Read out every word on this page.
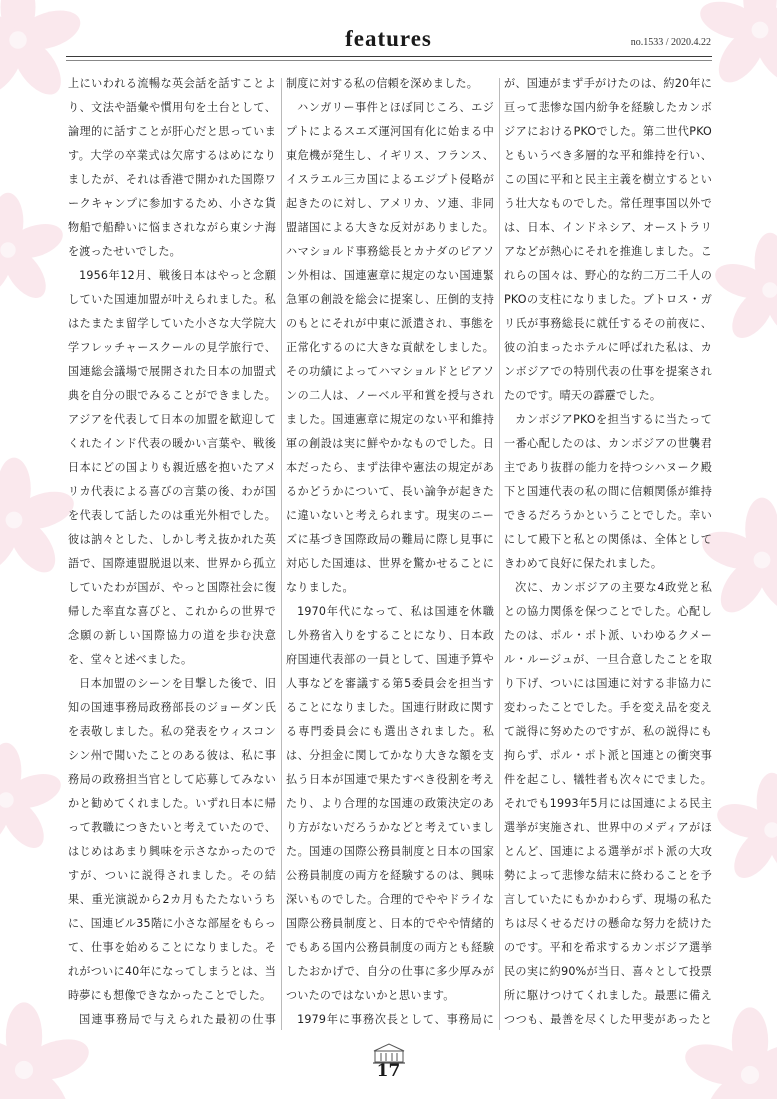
features	no.1533 / 2020.4.22

上にいわれる流暢な英会話を話すことより、文法や語彙や慣用句を土台として、論理的に話すことが肝心だと思っています。大学の卒業式は欠席するはめになりましたが、それは香港で開かれた国際ワークキャンプに参加するため、小さな貨物船で船酔いに悩まされながら東シナ海を渡ったせいでした。

1956年12月、戦後日本はやっと念願していた国連加盟が叶えられました。私はたまたま留学していた小さな大学院大学フレッチャースクールの見学旅行で、国連総会議場で展開された日本の加盟式典を自分の眼でみることができました。アジアを代表して日本の加盟を歓迎してくれたインド代表の暖かい言葉や、戦後日本にどの国よりも親近感を抱いたアメリカ代表による喜びの言葉の後、わが国を代表して話したのは重光外相でした。彼は訥々とした、しかし考え抜かれた英語で、国際連盟脱退以来、世界から孤立していたわが国が、やっと国際社会に復帰した率直な喜びと、これからの世界で念願の新しい国際協力の道を歩む決意を、堂々と述べました。

日本加盟のシーンを目撃した後で、旧知の国連事務局政務部長のジョーダン氏を表敬しました。私の発表をウィスコンシン州で聞いたことのある彼は、私に事務局の政務担当官として応募してみないかと勧めてくれました。いずれ日本に帰って教職につきたいと考えていたので、はじめはあまり興味を示さなかったのですが、ついに説得されました。その結果、重光演説から2カ月もたたないうちに、国連ビル35階に小さな部屋をもらって、仕事を始めることになりました。それがついに40年になってしまうとは、当時夢にも想像できなかったことでした。

国連事務局で与えられた最初の仕事

制度に対する私の信頼を深めました。

ハンガリー事件とほぼ同じころ、エジプトによるスエズ運河国有化に始まる中東危機が発生し、イギリス、フランス、イスラエル三カ国によるエジプト侵略が起きたのに対し、アメリカ、ソ連、非同盟諸国による大きな反対がありました。ハマショルド事務総長とカナダのピアソン外相は、国連憲章に規定のない国連緊急軍の創設を総会に提案し、圧倒的支持のもとにそれが中東に派遣され、事態を正常化するのに大きな貢献をしました。その功績によってハマショルドとピアソンの二人は、ノーベル平和賞を授与されました。国連憲章に規定のない平和維持軍の創設は実に鮮やかなものでした。日本だったら、まず法律や憲法の規定があるかどうかについて、長い論争が起きたに違いないと考えられます。現実のニーズに基づき国際政局の難局に際し見事に対応した国連は、世界を驚かせることになりました。

1970年代になって、私は国連を休職し外務省入りをすることになり、日本政府国連代表部の一員として、国連予算や人事などを審議する第5委員会を担当することになりました。国連行財政に関する専門委員会にも選出されました。私は、分担金に関してかなり大きな額を支払う日本が国連で果たすべき役割を考えたり、より合理的な国連の政策決定のあり方がないだろうかなどと考えていました。国連の国際公務員制度と日本の国家公務員制度の両方を経験するのは、興味深いものでした。合理的でややドライな国際公務員制度と、日本的でやや情緒的でもある国内公務員制度の両方とも経験したおかげで、自分の仕事に多少厚みがついたのではないかと思います。

1979年に事務次長として、事務局に

が、国連がまず手がけたのは、約20年に亘って悲惨な国内紛争を経験したカンボジアにおけるPKOでした。第二世代PKOともいうべき多層的な平和維持を行い、この国に平和と民主主義を樹立するという壮大なものでした。常任理事国以外では、日本、インドネシア、オーストラリアなどが熱心にそれを推進しました。これらの国々は、野心的な約二万二千人のPKOの支柱になりました。ブトロス・ガリ氏が事務総長に就任するその前夜に、彼の泊まったホテルに呼ばれた私は、カンボジアでの特別代表の仕事を提案されたのです。晴天の霹靂でした。

カンボジアPKOを担当するに当たって一番心配したのは、カンボジアの世襲君主であり抜群の能力を持つシハヌーク殿下と国連代表の私の間に信頼関係が維持できるだろうかということでした。幸いにして殿下と私との関係は、全体としてきわめて良好に保たれました。

次に、カンボジアの主要な4政党と私との協力関係を保つことでした。心配したのは、ポル・ポト派、いわゆるクメール・ルージュが、一旦合意したことを取り下げ、ついには国連に対する非協力に変わったことでした。手を変え品を変えて説得に努めたのですが、私の説得にも拘らず、ポル・ポト派と国連との衝突事件を起こし、犠牲者も次々にでました。それでも1993年5月には国連による民主選挙が実施され、世界中のメディアがほとんど、国連による選挙がポト派の大攻勢によって悲惨な結末に終わることを予言していたにもかかわらず、現場の私たちは尽くせるだけの懸命な努力を続けたのです。平和を希求するカンボジア選挙民の実に約90%が当日、喜々として投票所に駆けつけてくれました。最悪に備えつつも、最善を尽くした甲斐があったと

17
